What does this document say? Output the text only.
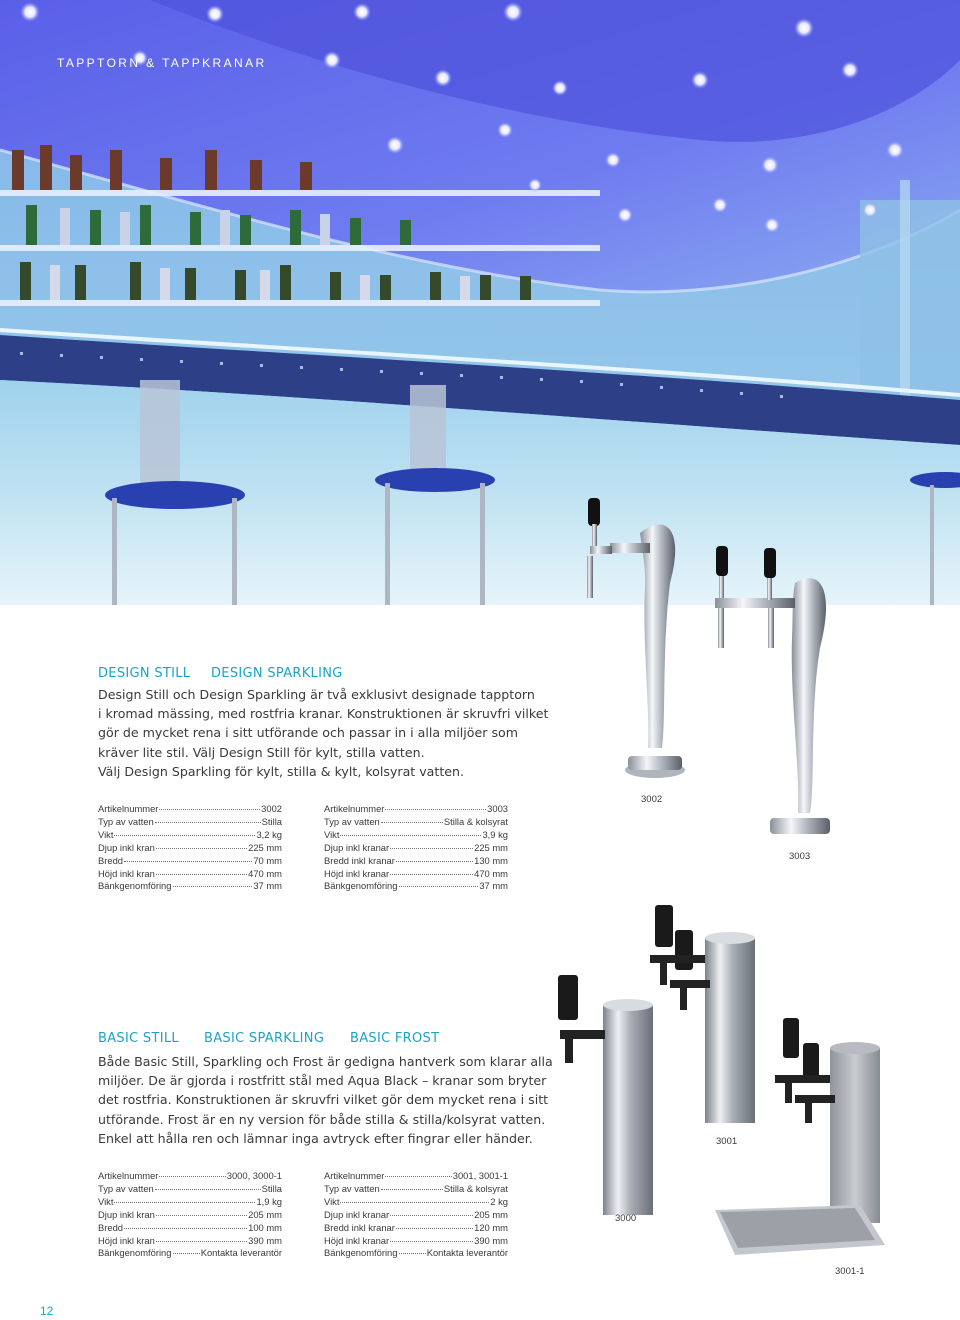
TAPPTORN & TAPPKRANAR
DESIGN STILL DESIGN SPARKLING
Design Still och Design Sparkling är två exklusivt designade tapptorn
i kromad mässing, med rostfria kranar. Konstruktionen är skruvfri vilket
gör de mycket rena i sitt utförande och passar in i alla miljöer som
kräver lite stil. Välj Design Still för kylt, stilla vatten.
Välj Design Sparkling för kylt, stilla & kylt, kolsyrat vatten.
Artikelnummer	3002
Typ av vatten	Stilla
Vikt	3,2 kg
Djup inkl kran	225 mm
Bredd	70 mm
Höjd inkl kran	470 mm
Bänkgenomföring	37 mm
Artikelnummer	3003
Typ av vatten	Stilla & kolsyrat
Vikt	3,9 kg
Djup inkl kranar	225 mm
Bredd inkl kranar	130 mm
Höjd inkl kranar	470 mm
Bänkgenomföring	37 mm
3002
3003
BASIC STILL BASIC SPARKLING BASIC FROST
Både Basic Still, Sparkling och Frost är gedigna hantverk som klarar alla
miljöer. De är gjorda i rostfritt stål med Aqua Black – kranar som bryter
det rostfria. Konstruktionen är skruvfri vilket gör dem mycket rena i sitt
utförande. Frost är en ny version för både stilla & stilla/kolsyrat vatten.
Enkel att hålla ren och lämnar inga avtryck efter fingrar eller händer.
Artikelnummer	3000, 3000-1
Typ av vatten	Stilla
Vikt	1,9 kg
Djup inkl kran	205 mm
Bredd	100 mm
Höjd inkl kran	390 mm
Bänkgenomföring	Kontakta leverantör
Artikelnummer	3001, 3001-1
Typ av vatten	Stilla & kolsyrat
Vikt	2 kg
Djup inkl kranar	205 mm
Bredd inkl kranar	120 mm
Höjd inkl kranar	390 mm
Bänkgenomföring	Kontakta leverantör
3001
3000
3001-1
12
